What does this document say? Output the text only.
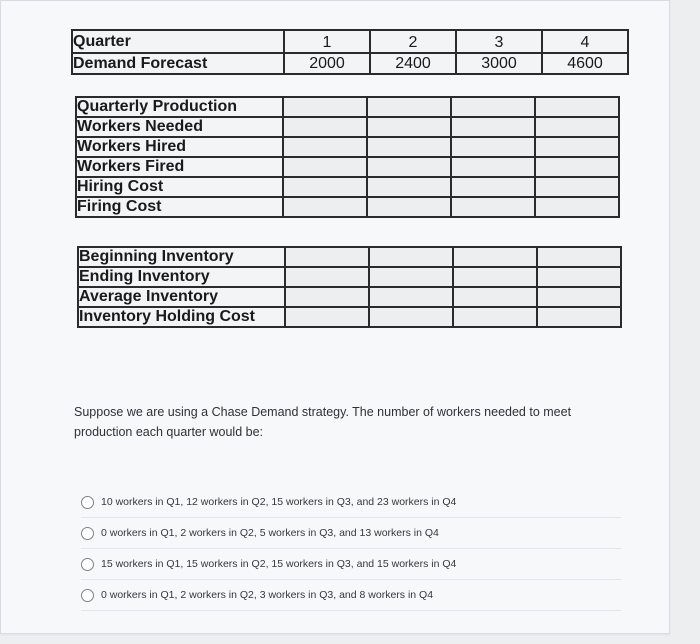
Quarter	1	2	3	4
Demand Forecast	2000	2400	3000	4600
Quarterly Production				
Workers Needed				
Workers Hired				
Workers Fired				
Hiring Cost				
Firing Cost				
Beginning Inventory				
Ending Inventory				
Average Inventory				
Inventory Holding Cost				
Suppose we are using a Chase Demand strategy. The number of workers needed to meet production each quarter would be:
10 workers in Q1, 12 workers in Q2, 15 workers in Q3, and 23 workers in Q4
0 workers in Q1, 2 workers in Q2, 5 workers in Q3, and 13 workers in Q4
15 workers in Q1, 15 workers in Q2, 15 workers in Q3, and 15 workers in Q4
0 workers in Q1, 2 workers in Q2, 3 workers in Q3, and 8 workers in Q4
